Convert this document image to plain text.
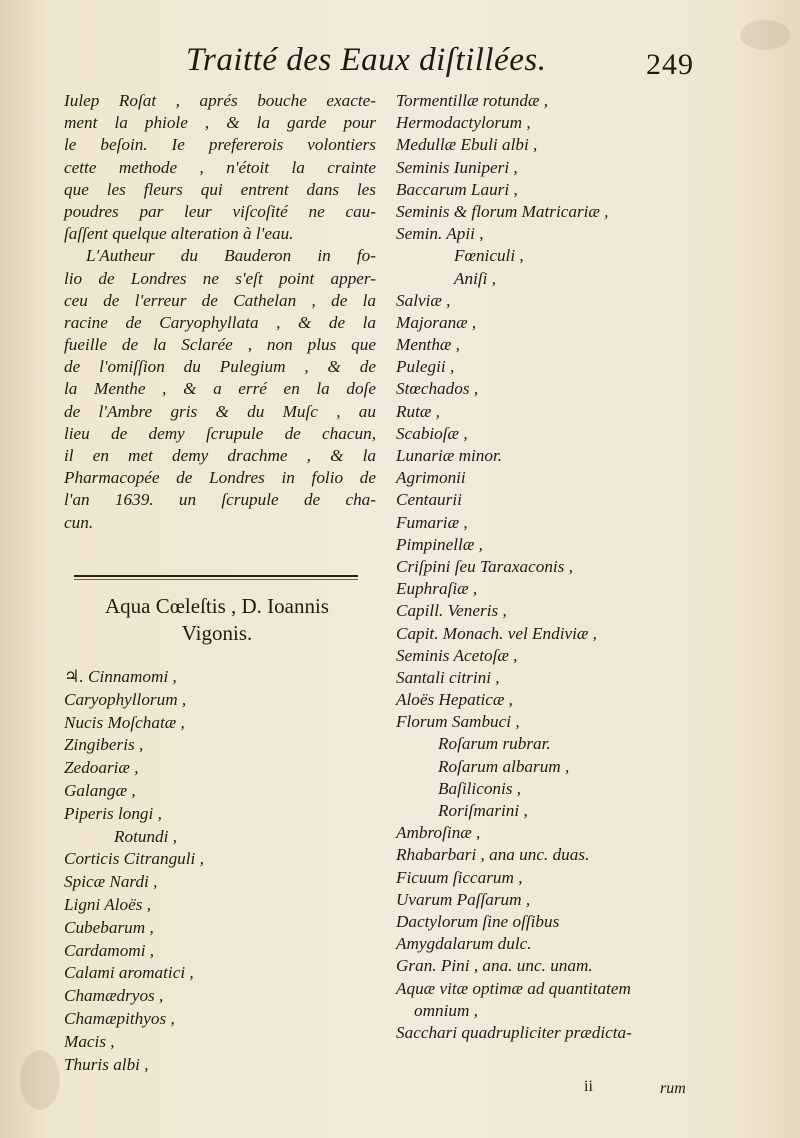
Traitté des Eaux diſtillées.	249
Iulep Roſat , aprés bouche exacte-
ment la phiole , & la garde pour
le beſoin. Ie prefererois volontiers
cette methode , n'étoit la crainte
que les fleurs qui entrent dans les
poudres par leur viſcoſité ne cau-
ſaſſent quelque alteration à l'eau.
L'Autheur du Bauderon in fo-
lio de Londres ne s'eſt point apper-
ceu de l'erreur de Cathelan , de la
racine de Caryophyllata , & de la
fueille de la Sclarée , non plus que
de l'omiſſion du Pulegium , & de
la Menthe , & a erré en la doſe
de l'Ambre gris & du Muſc , au
lieu de demy ſcrupule de chacun,
il en met demy drachme , & la
Pharmacopée de Londres in folio de
l'an 1639. un ſcrupule de cha-
cun.
Aqua Cœleſtis , D. Ioannis
Vigonis.
♃. Cinnamomi ,
Caryophyllorum ,
Nucis Moſchatæ ,
Zingiberis ,
Zedoariæ ,
Galangæ ,
Piperis longi ,
Rotundi ,
Corticis Citranguli ,
Spicæ Nardi ,
Ligni Aloës ,
Cubebarum ,
Cardamomi ,
Calami aromatici ,
Chamædryos ,
Chamæpithyos ,
Macis ,
Thuris albi ,
Tormentillæ rotundæ ,
Hermodactylorum ,
Medullæ Ebuli albi ,
Seminis Iuniperi ,
Baccarum Lauri ,
Seminis & florum Matricariæ ,
Semin. Apii ,
Fœniculi ,
Aniſi ,
Salviæ ,
Majoranæ ,
Menthæ ,
Pulegii ,
Stœchados ,
Rutæ ,
Scabioſæ ,
Lunariæ minor.
Agrimonii
Centaurii
Fumariæ ,
Pimpinellæ ,
Criſpini ſeu Taraxaconis ,
Euphraſiæ ,
Capill. Veneris ,
Capit. Monach. vel Endiviæ ,
Seminis Acetoſæ ,
Santali citrini ,
Aloës Hepaticæ ,
Florum Sambuci ,
Roſarum rubrar.
Roſarum albarum ,
Baſiliconis ,
Roriſmarini ,
Ambroſinæ ,
Rhabarbari , ana unc. duas.
Ficuum ſiccarum ,
Uvarum Paſſarum ,
Dactylorum ſine oſſibus
Amygdalarum dulc.
Gran. Pini , ana. unc. unam.
Aquæ vitæ optimæ ad quantitatem
omnium ,
Sacchari quadrupliciter prædicta-
ii	rum
